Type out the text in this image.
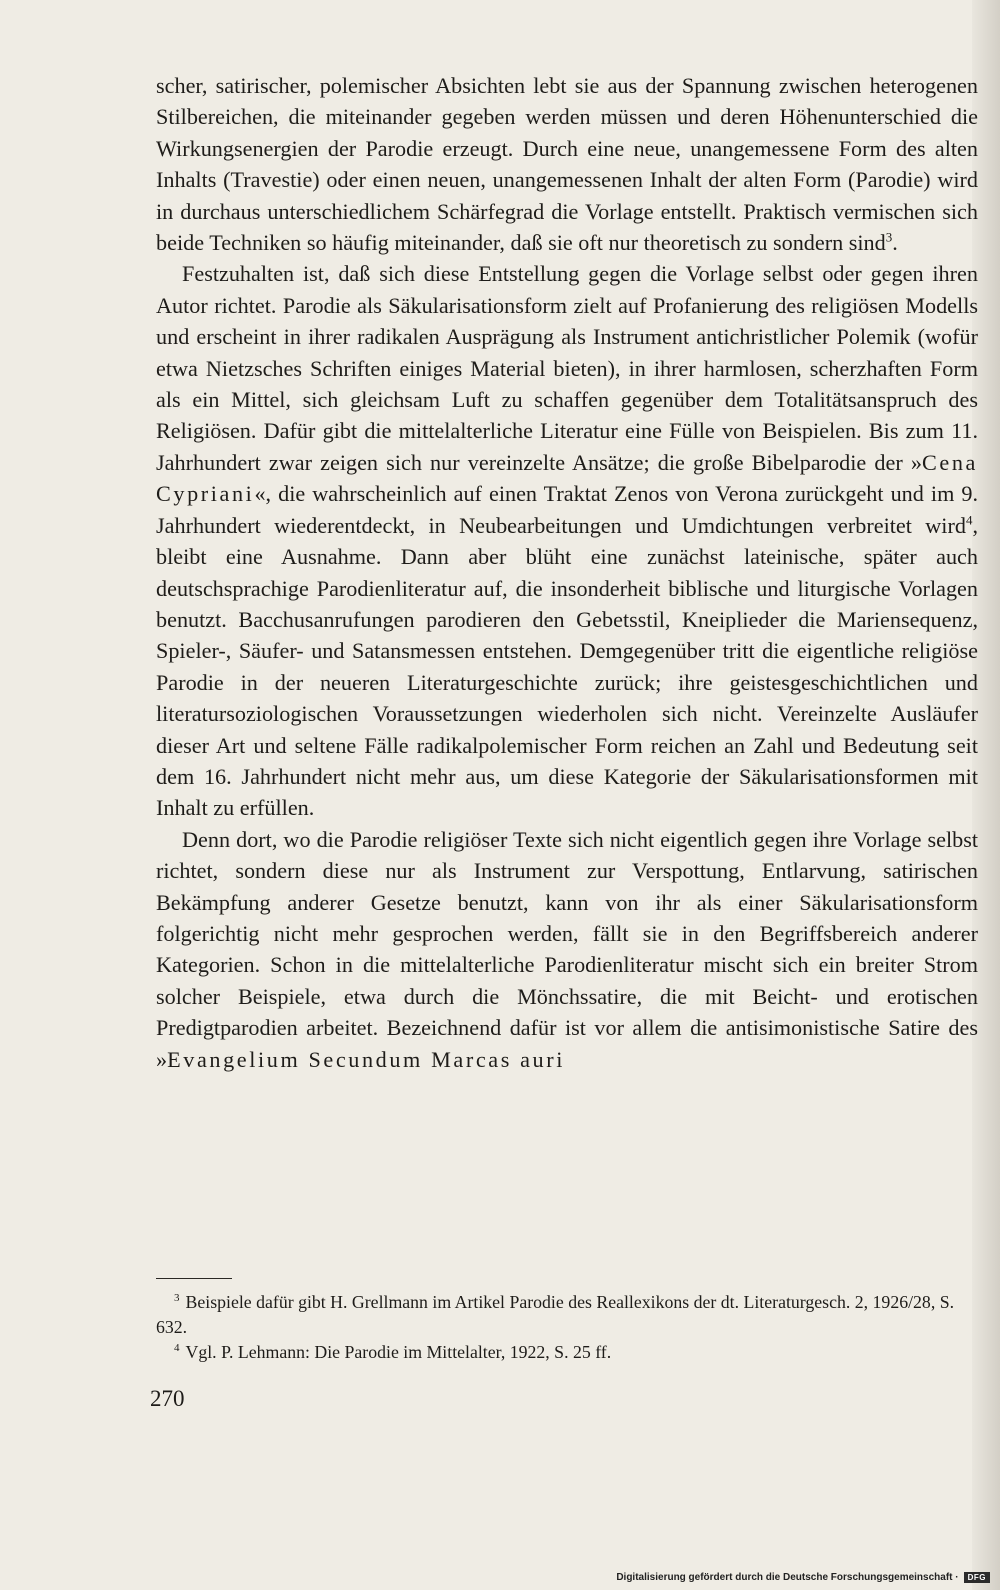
scher, satirischer, polemischer Absichten lebt sie aus der Spannung zwischen heterogenen Stilbereichen, die miteinander gegeben werden müssen und deren Höhenunterschied die Wirkungsenergien der Parodie erzeugt. Durch eine neue, unangemessene Form des alten Inhalts (Travestie) oder einen neuen, unangemessenen Inhalt der alten Form (Parodie) wird in durchaus unterschiedlichem Schärfegrad die Vorlage entstellt. Praktisch vermischen sich beide Techniken so häufig miteinander, daß sie oft nur theoretisch zu sondern sind$^3$.

Festzuhalten ist, daß sich diese Entstellung gegen die Vorlage selbst oder gegen ihren Autor richtet. Parodie als Säkularisationsform zielt auf Profanierung des religiösen Modells und erscheint in ihrer radikalen Ausprägung als Instrument antichristlicher Polemik (wofür etwa Nietzsches Schriften einiges Material bieten), in ihrer harmlosen, scherzhaften Form als ein Mittel, sich gleichsam Luft zu schaffen gegenüber dem Totalitätsanspruch des Religiösen. Dafür gibt die mittelalterliche Literatur eine Fülle von Beispielen. Bis zum 11. Jahrhundert zwar zeigen sich nur vereinzelte Ansätze; die große Bibelparodie der »Cena Cypriani«, die wahrscheinlich auf einen Traktat Zenos von Verona zurückgeht und im 9. Jahrhundert wiederentdeckt, in Neubearbeitungen und Umdichtungen verbreitet wird$^4$, bleibt eine Ausnahme. Dann aber blüht eine zunächst lateinische, später auch deutschsprachige Parodienliteratur auf, die insonderheit biblische und liturgische Vorlagen benutzt. Bacchusanrufungen parodieren den Gebetsstil, Kneiplieder die Mariensequenz, Spieler-, Säufer- und Satansmessen entstehen. Demgegenüber tritt die eigentliche religiöse Parodie in der neueren Literaturgeschichte zurück; ihre geistesgeschichtlichen und literatursoziologischen Voraussetzungen wiederholen sich nicht. Vereinzelte Ausläufer dieser Art und seltene Fälle radikalpolemischer Form reichen an Zahl und Bedeutung seit dem 16. Jahrhundert nicht mehr aus, um diese Kategorie der Säkularisationsformen mit Inhalt zu erfüllen.

Denn dort, wo die Parodie religiöser Texte sich nicht eigentlich gegen ihre Vorlage selbst richtet, sondern diese nur als Instrument zur Verspottung, Entlarvung, satirischen Bekämpfung anderer Gesetze benutzt, kann von ihr als einer Säkularisationsform folgerichtig nicht mehr gesprochen werden, fällt sie in den Begriffsbereich anderer Kategorien. Schon in die mittelalterliche Parodienliteratur mischt sich ein breiter Strom solcher Beispiele, etwa durch die Mönchssatire, die mit Beicht- und erotischen Predigtparodien arbeitet. Bezeichnend dafür ist vor allem die antisimonistische Satire des »Evangelium Secundum Marcas auri

$^3$ Beispiele dafür gibt H. Grellmann im Artikel Parodie des Reallexikons der dt. Literaturgesch. 2, 1926/28, S. 632.

$^4$ Vgl. P. Lehmann: Die Parodie im Mittelalter, 1922, S. 25 ff.

270
Digitalisierung gefördert durch die Deutsche Forschungsgemeinschaft ·	DFG
